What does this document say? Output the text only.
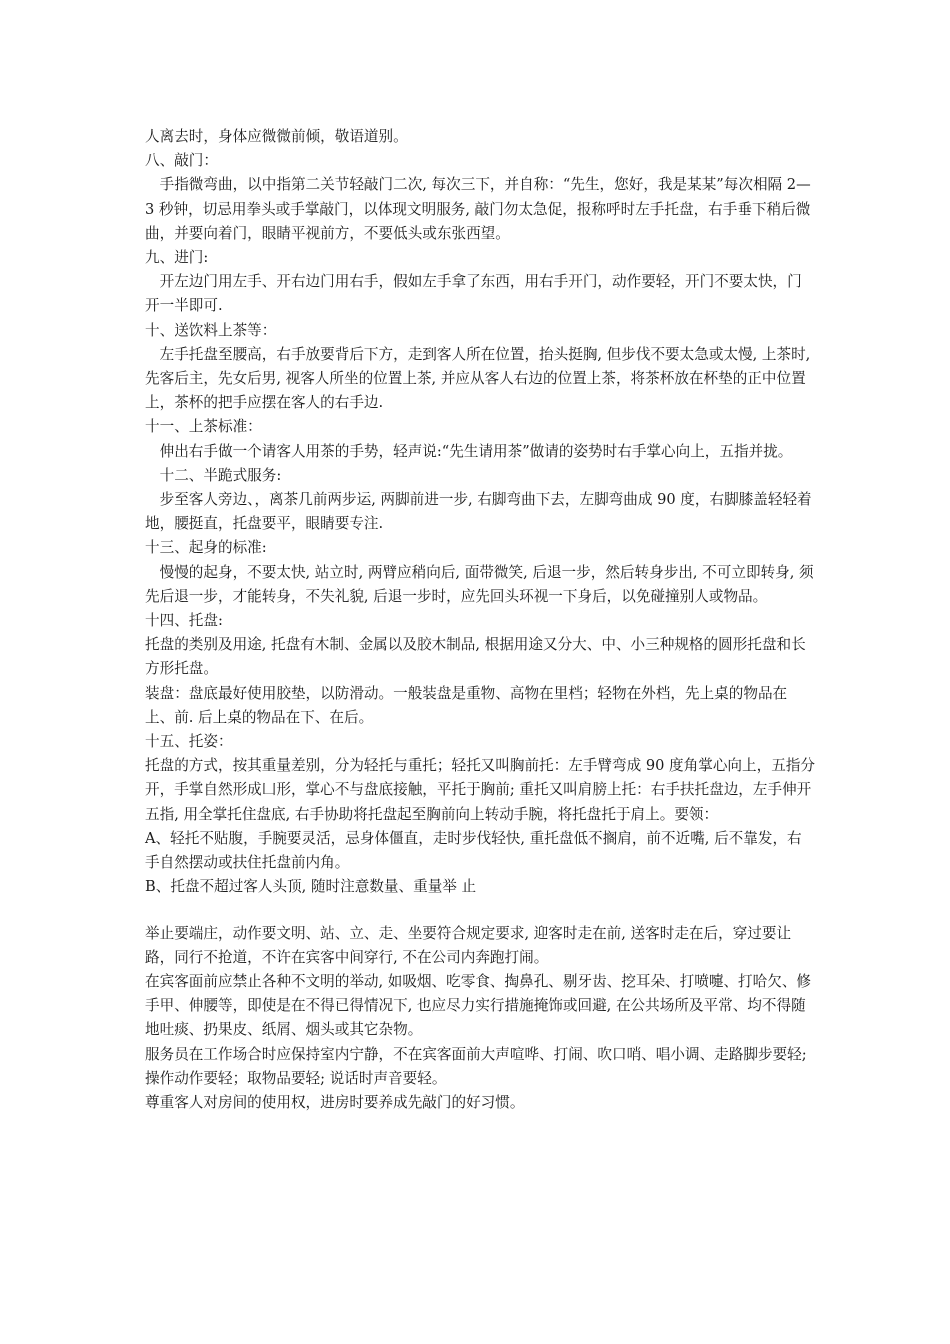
人离去时，身体应微微前倾，敬语道别。

八、敲门：

手指微弯曲，以中指第二关节轻敲门二次, 每次三下，并自称：“先生，您好，我是某某”每次相隔 2—3 秒钟，切忌用拳头或手掌敲门，以体现文明服务, 敲门勿太急促，报称呼时左手托盘，右手垂下稍后微曲，并要向着门，眼睛平视前方，不要低头或东张西望。

九、进门:

开左边门用左手、开右边门用右手，假如左手拿了东西，用右手开门，动作要轻，开门不要太快，门开一半即可.

十、送饮料上茶等：

左手托盘至腰高，右手放要背后下方，走到客人所在位置，抬头挺胸, 但步伐不要太急或太慢, 上茶时, 先客后主，先女后男, 视客人所坐的位置上茶, 并应从客人右边的位置上茶，将茶杯放在杯垫的正中位置上，茶杯的把手应摆在客人的右手边.

十一、上茶标准：

伸出右手做一个请客人用茶的手势，轻声说:“先生请用茶”做请的姿势时右手掌心向上，五指并拢。

十二、半跪式服务:

步至客人旁边、，离茶几前两步运, 两脚前进一步, 右脚弯曲下去，左脚弯曲成 90 度，右脚膝盖轻轻着地，腰挺直，托盘要平，眼睛要专注.

十三、起身的标准:

慢慢的起身，不要太快, 站立时, 两臂应稍向后, 面带微笑, 后退一步，然后转身步出, 不可立即转身, 须先后退一步，才能转身，不失礼貌, 后退一步时，应先回头环视一下身后，以免碰撞别人或物品。

十四、托盘:

托盘的类别及用途, 托盘有木制、金属以及胶木制品, 根据用途又分大、中、小三种规格的圆形托盘和长方形托盘。

装盘：盘底最好使用胶垫，以防滑动。一般装盘是重物、高物在里档；轻物在外档，先上桌的物品在上、前. 后上桌的物品在下、在后。

十五、托姿：

托盘的方式，按其重量差别，分为轻托与重托；轻托又叫胸前托：左手臂弯成 90 度角掌心向上，五指分开，手掌自然形成凵形，掌心不与盘底接触，平托于胸前; 重托又叫肩膀上托：右手扶托盘边，左手伸开五指, 用全掌托住盘底, 右手协助将托盘起至胸前向上转动手腕，将托盘托于肩上。要领：

A、轻托不贴腹，手腕要灵活，忌身体僵直，走时步伐轻快, 重托盘低不搁肩，前不近嘴, 后不靠发，右手自然摆动或扶住托盘前内角。

B、托盘不超过客人头顶, 随时注意数量、重量举 止

举止要端庄，动作要文明、站、立、走、坐要符合规定要求, 迎客时走在前, 送客时走在后，穿过要让路，同行不抢道，不许在宾客中间穿行, 不在公司内奔跑打闹。

在宾客面前应禁止各种不文明的举动, 如吸烟、吃零食、掏鼻孔、剔牙齿、挖耳朵、打喷嚏、打哈欠、修手甲、伸腰等，即使是在不得已得情况下, 也应尽力实行措施掩饰或回避, 在公共场所及平常、均不得随地吐痰、扔果皮、纸屑、烟头或其它杂物。

服务员在工作场合时应保持室内宁静，不在宾客面前大声喧哗、打闹、吹口哨、唱小调、走路脚步要轻; 操作动作要轻；取物品要轻; 说话时声音要轻。

尊重客人对房间的使用权，进房时要养成先敲门的好习惯。
